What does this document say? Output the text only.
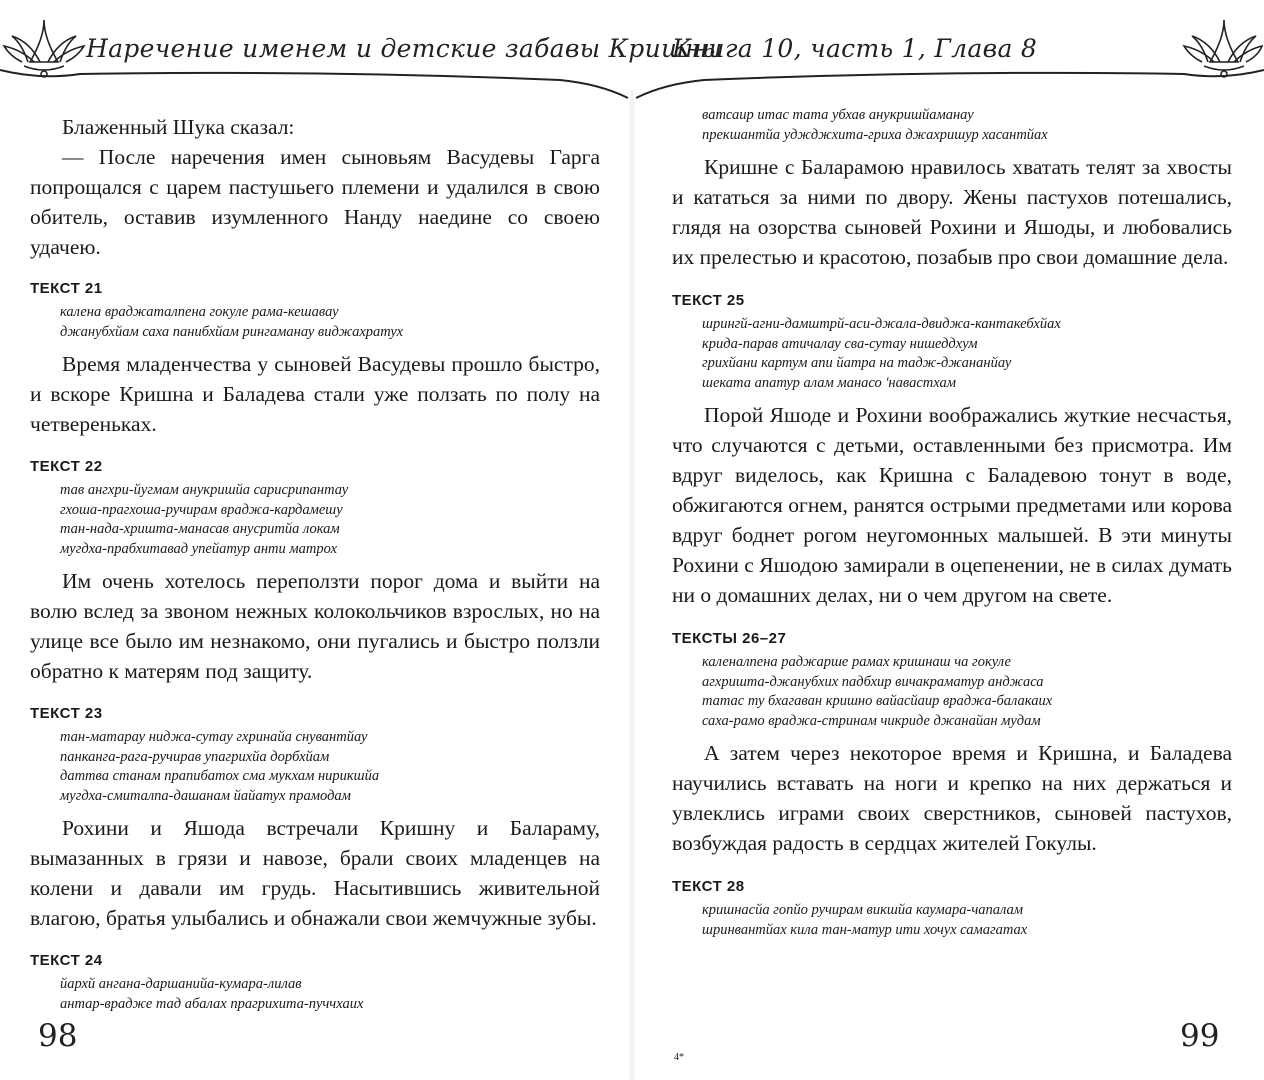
Наречение именем и детские забавы Кришны

Книга 10, часть 1, Глава 8

Блаженный Шука сказал:

— После наречения имен сыновьям Васудевы Гарга попрощался с царем пастушьего племени и удалился в свою обитель, оставив изумленного Нанду наедине со своею удачею.

ТЕКСТ 21

калена враджаталпена гокуле рама-кешавау

джанубхйам саха панибхйам рингаманау виджахратух

Время младенчества у сыновей Васудевы прошло быстро, и вскоре Кришна и Баладева стали уже ползать по полу на четвереньках.

ТЕКСТ 22

тав ангхри-йугмам анукришйа сарисрипантау

гхоша-прагхоша-ручирам враджа-кардамешу

тан-нада-хришта-манасав анусритйа локам

мугдха-прабхитавад упейатур анти матрох

Им очень хотелось переползти порог дома и выйти на волю вслед за звоном нежных колокольчиков взрослых, но на улице все было им незнакомо, они пугались и быстро ползли обратно к матерям под защиту.

ТЕКСТ 23

тан-матарау ниджа-сутау гхринайа снувантйау

панканга-рага-ручирав упагрихйа дорбхйам

даттва станам прапибатох сма мукхам нирикшйа

мугдха-смиталпа-дашанам йайатух прамодам

Рохини и Яшода встречали Кришну и Балараму, вымазанных в грязи и навозе, брали своих младенцев на колени и давали им грудь. Насытившись живительной влагою, братья улыбались и обнажали свои жемчужные зубы.

ТЕКСТ 24

йархй ангана-даршанийа-кумара-лилав

антар-врадже тад абалах прагрихита-пуччхаих

ватсаир итас тата убхав анукришйаманау

прекшантйа уджджхита-гриха джахришур хасантйах

Кришне с Баларамою нравилось хватать телят за хвосты и кататься за ними по двору. Жены пастухов потешались, глядя на озорства сыновей Рохини и Яшоды, и любовались их прелестью и красотою, позабыв про свои домашние дела.

ТЕКСТ 25

шрингй-агни-дамштрй-аси-джала-двиджа-кантакебхйах

крида-парав атичалау сва-сутау нишеддхум

грихйани картум апи йатра на тадж-джананйау

шеката апатур алам манасо 'навастхам

Порой Яшоде и Рохини воображались жуткие несчастья, что случаются с детьми, оставленными без присмотра. Им вдруг виделось, как Кришна с Баладевою тонут в воде, обжигаются огнем, ранятся острыми предметами или корова вдруг боднет рогом неугомонных малышей. В эти минуты Рохини с Яшодою замирали в оцепенении, не в силах думать ни о домашних делах, ни о чем другом на свете.

ТЕКСТЫ 26–27

каленалпена раджарше рамах кришнаш ча гокуле

агхришта-джанубхих падбхир вичакраматур анджаса

татас ту бхагаван кришно вайасйаир враджа-балакаих

саха-рамо враджа-стринам чикриде джанайан мудам

А затем через некоторое время и Кришна, и Баладева научились вставать на ноги и крепко на них держаться и увлеклись играми своих сверстников, сыновей пастухов, возбуждая радость в сердцах жителей Гокулы.

ТЕКСТ 28

кришнасйа гопйо ручирам викшйа каумара-чапалам

шринвантйах кила тан-матур ити хочух самагатах

98	99

4*
